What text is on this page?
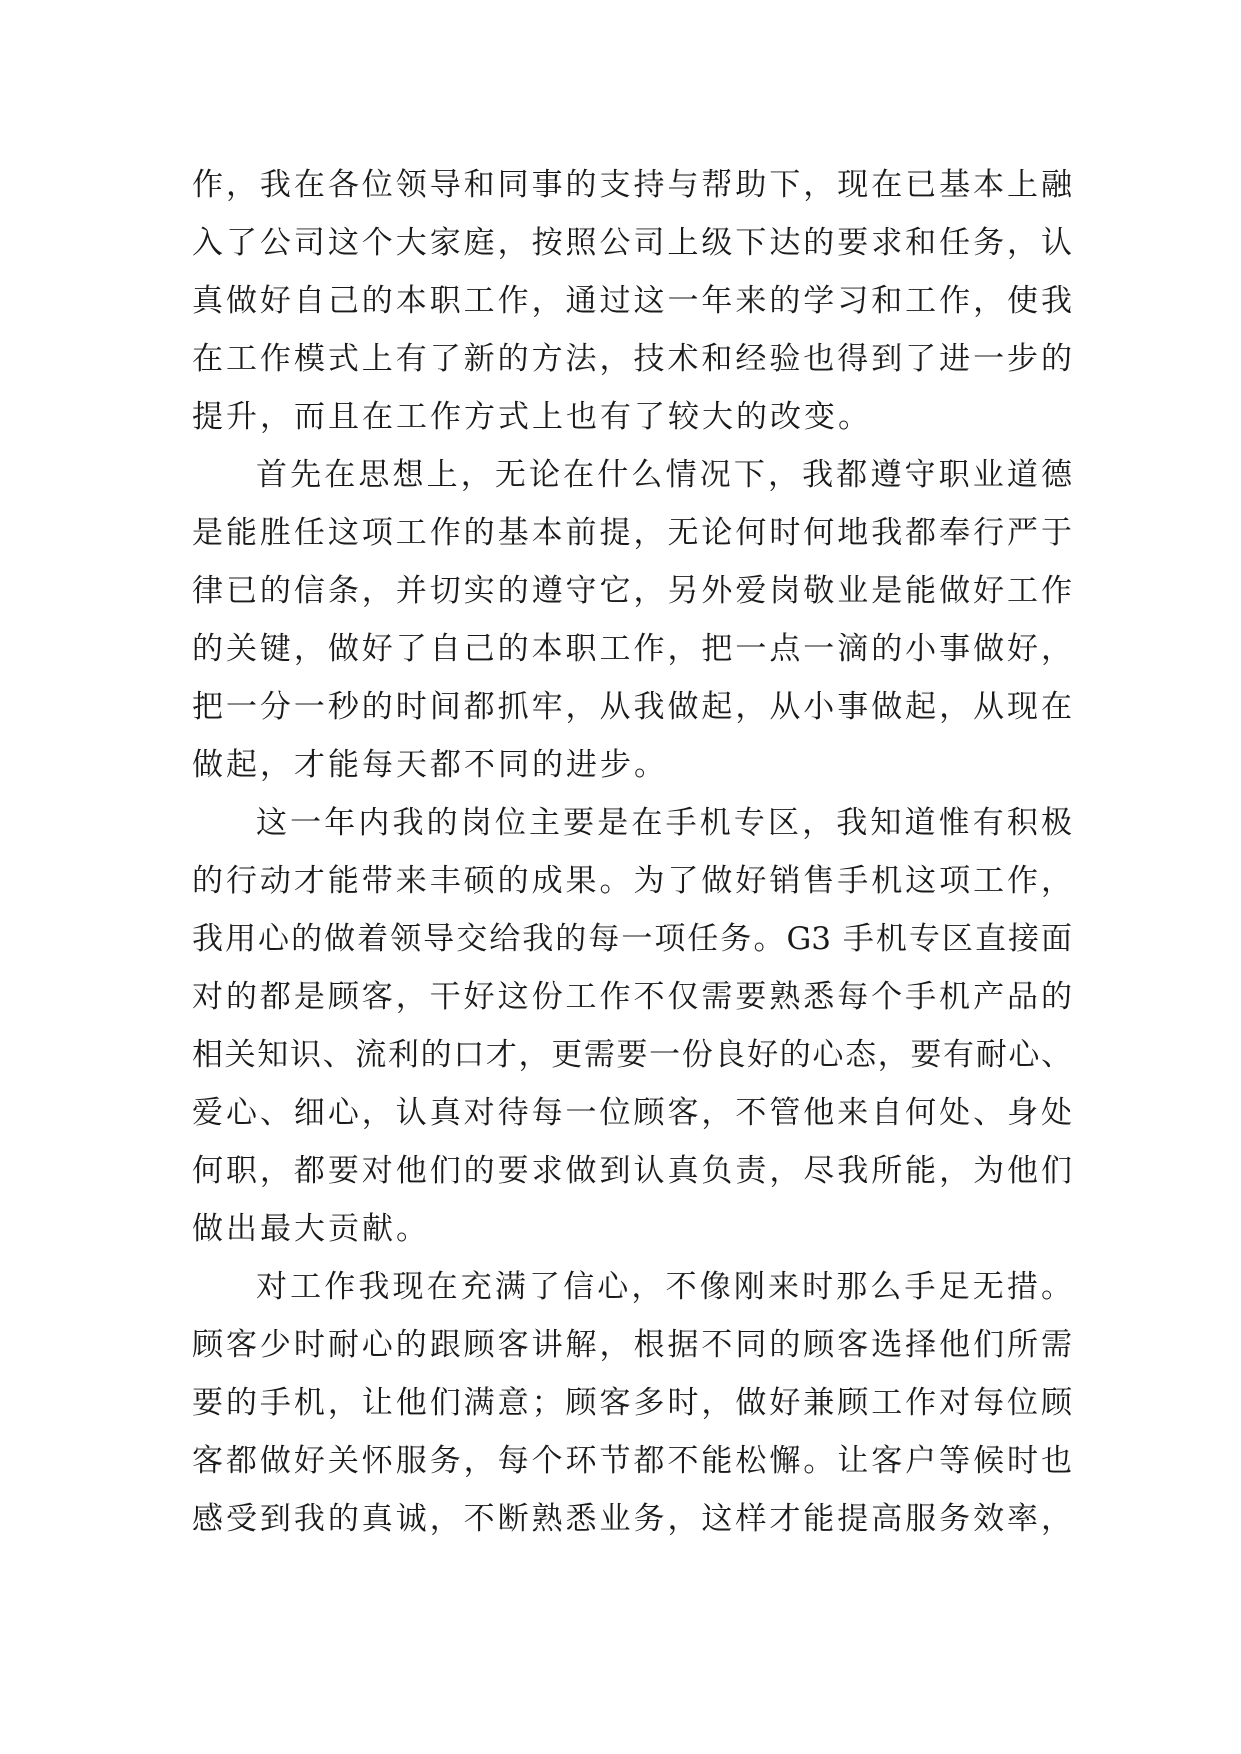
作，我在各位领导和同事的支持与帮助下，现在已基本上融
入了公司这个大家庭，按照公司上级下达的要求和任务，认
真做好自己的本职工作，通过这一年来的学习和工作，使我
在工作模式上有了新的方法，技术和经验也得到了进一步的
提升，而且在工作方式上也有了较大的改变。
首先在思想上，无论在什么情况下，我都遵守职业道德
是能胜任这项工作的基本前提，无论何时何地我都奉行严于
律已的信条，并切实的遵守它，另外爱岗敬业是能做好工作
的关键，做好了自己的本职工作，把一点一滴的小事做好，
把一分一秒的时间都抓牢，从我做起，从小事做起，从现在
做起，才能每天都不同的进步。
这一年内我的岗位主要是在手机专区，我知道惟有积极
的行动才能带来丰硕的成果。为了做好销售手机这项工作，
我用心的做着领导交给我的每一项任务。G3 手机专区直接面
对的都是顾客，干好这份工作不仅需要熟悉每个手机产品的
相关知识、流利的口才，更需要一份良好的心态，要有耐心、
爱心、细心，认真对待每一位顾客，不管他来自何处、身处
何职，都要对他们的要求做到认真负责，尽我所能，为他们
做出最大贡献。
对工作我现在充满了信心，不像刚来时那么手足无措。
顾客少时耐心的跟顾客讲解，根据不同的顾客选择他们所需
要的手机，让他们满意；顾客多时，做好兼顾工作对每位顾
客都做好关怀服务，每个环节都不能松懈。让客户等候时也
感受到我的真诚，不断熟悉业务，这样才能提高服务效率，
